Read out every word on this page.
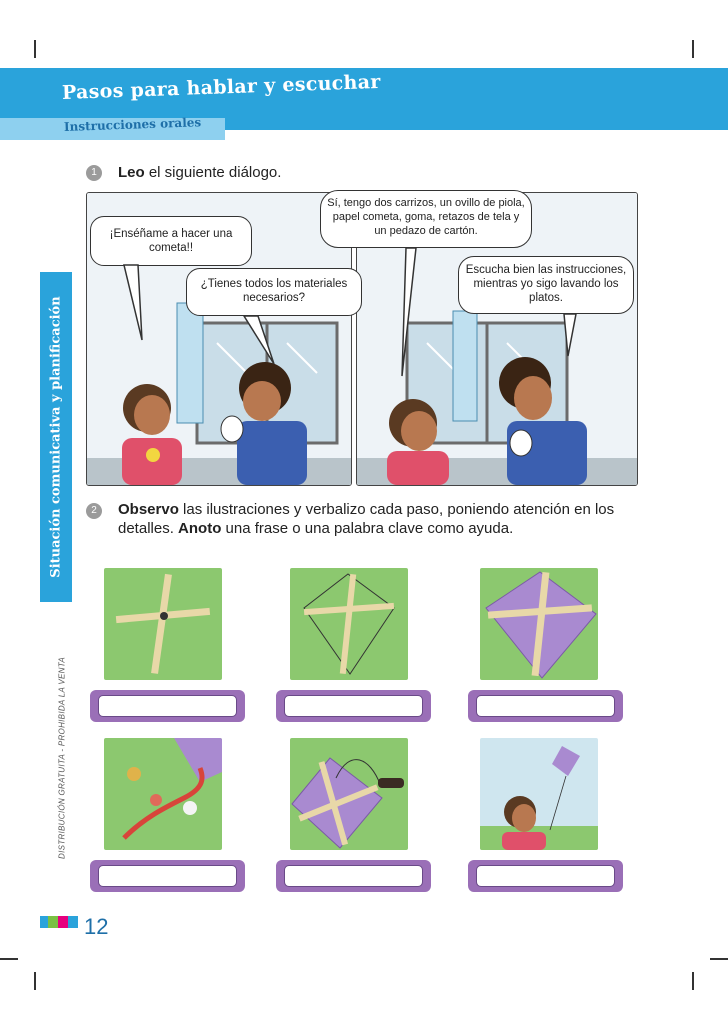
Pasos para hablar y escuchar
Instrucciones orales
Situación comunicativa y planificación
DISTRIBUCIÓN GRATUITA - PROHIBIDA LA VENTA
1	Leo el siguiente diálogo.
¡Enséñame a hacer una cometa!!
¿Tienes todos los materiales necesarios?
Sí, tengo dos carrizos, un ovillo de piola, papel cometa, goma, retazos de tela y un pedazo de cartón.
Escucha bien las instrucciones, mientras yo sigo lavando los platos.
2	Observo las ilustraciones y verbalizo cada paso, poniendo atención en los detalles. Anoto una frase o una palabra clave como ayuda.
12
